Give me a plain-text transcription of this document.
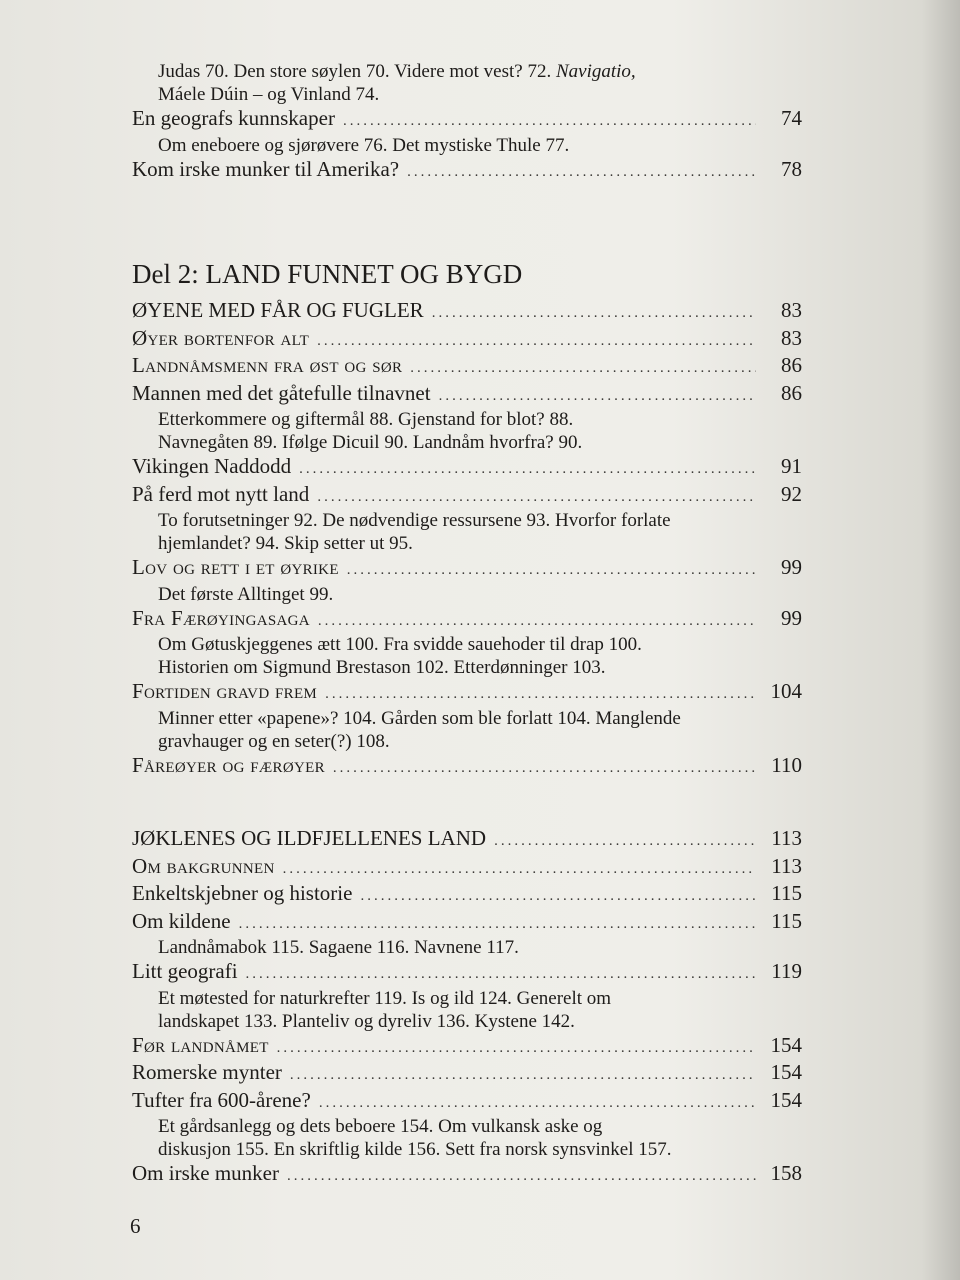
Judas 70. Den store søylen 70. Videre mot vest? 72. Navigatio,
Máele Dúin – og Vinland 74.
En geografs kunnskaper .....	74
Om eneboere og sjørøvere 76. Det mystiske Thule 77.
Kom irske munker til Amerika? .....	78
Del 2: LAND FUNNET OG BYGD
ØYENE MED FÅR OG FUGLER .....	83
Øyer bortenfor alt .....	83
Landnåmsmenn fra øst og sør .....	86
Mannen med det gåtefulle tilnavnet .....	86
Etterkommere og giftermål 88. Gjenstand for blot? 88.
Navnegåten 89. Ifølge Dicuil 90. Landnåm hvorfra? 90.
Vikingen Naddodd .....	91
På ferd mot nytt land .....	92
To forutsetninger 92. De nødvendige ressursene 93. Hvorfor forlate
hjemlandet? 94. Skip setter ut 95.
Lov og rett i et øyrike .....	99
Det første Alltinget 99.
Fra Færøyingasaga .....	99
Om Gøtuskjeggenes ætt 100. Fra svidde sauehoder til drap 100.
Historien om Sigmund Brestason 102. Etterdønninger 103.
Fortiden gravd frem .....	104
Minner etter «papene»? 104. Gården som ble forlatt 104. Manglende
gravhauger og en seter(?) 108.
Fåreøyer og færøyer .....	110
JØKLENES OG ILDFJELLENES LAND .....	113
Om bakgrunnen .....	113
Enkeltskjebner og historie .....	115
Om kildene .....	115
Landnåmabok 115. Sagaene 116. Navnene 117.
Litt geografi .....	119
Et møtested for naturkrefter 119. Is og ild 124. Generelt om
landskapet 133. Planteliv og dyreliv 136. Kystene 142.
Før landnåmet .....	154
Romerske mynter .....	154
Tufter fra 600-årene? .....	154
Et gårdsanlegg og dets beboere 154. Om vulkansk aske og
diskusjon 155. En skriftlig kilde 156. Sett fra norsk synsvinkel 157.
Om irske munker .....	158
6
